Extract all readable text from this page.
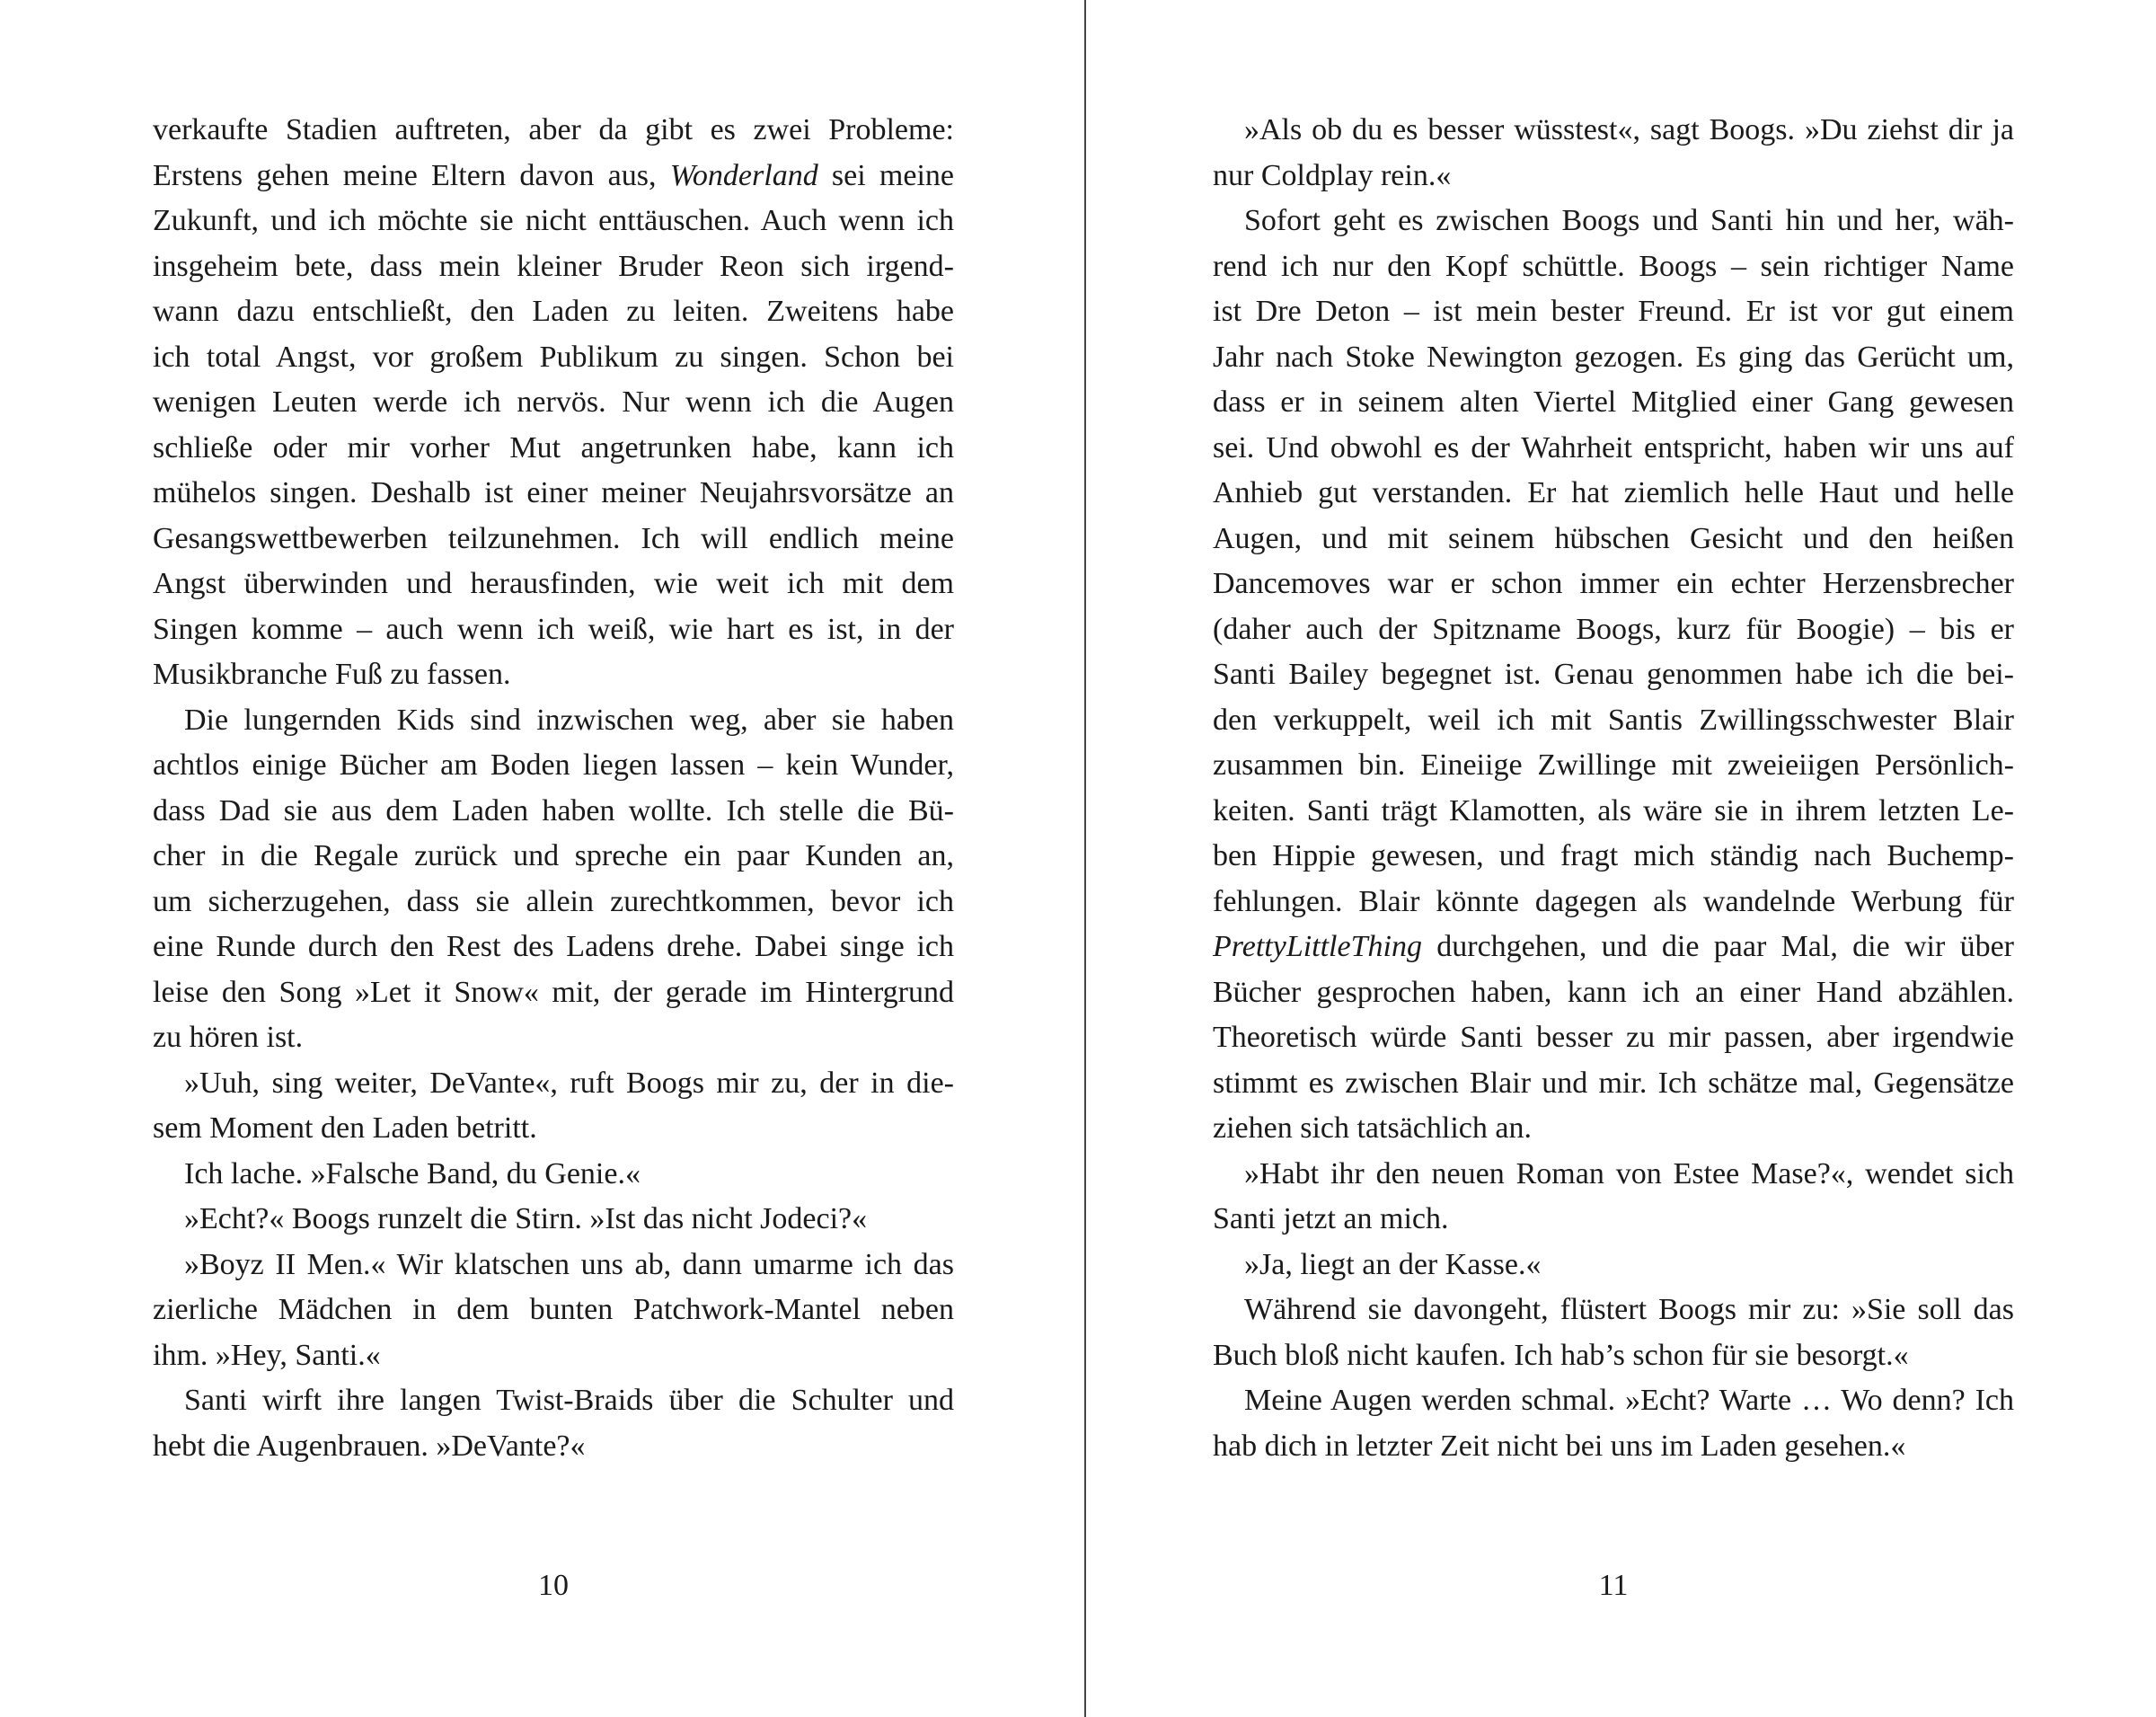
verkaufte Stadien auftreten, aber da gibt es zwei Probleme:
Erstens gehen meine Eltern davon aus, Wonderland sei meine
Zukunft, und ich möchte sie nicht enttäuschen. Auch wenn ich
insgeheim bete, dass mein kleiner Bruder Reon sich irgend-
wann dazu entschließt, den Laden zu leiten. Zweitens habe
ich total Angst, vor großem Publikum zu singen. Schon bei
wenigen Leuten werde ich nervös. Nur wenn ich die Augen
schließe oder mir vorher Mut angetrunken habe, kann ich
mühelos singen. Deshalb ist einer meiner Neujahrsvorsätze an
Gesangswettbewerben teilzunehmen. Ich will endlich meine
Angst überwinden und herausfinden, wie weit ich mit dem
Singen komme – auch wenn ich weiß, wie hart es ist, in der
Musikbranche Fuß zu fassen.
Die lungernden Kids sind inzwischen weg, aber sie haben
achtlos einige Bücher am Boden liegen lassen – kein Wunder,
dass Dad sie aus dem Laden haben wollte. Ich stelle die Bü-
cher in die Regale zurück und spreche ein paar Kunden an,
um sicherzugehen, dass sie allein zurechtkommen, bevor ich
eine Runde durch den Rest des Ladens drehe. Dabei singe ich
leise den Song »Let it Snow« mit, der gerade im Hintergrund
zu hören ist.
»Uuh, sing weiter, DeVante«, ruft Boogs mir zu, der in die-
sem Moment den Laden betritt.
Ich lache. »Falsche Band, du Genie.«
»Echt?« Boogs runzelt die Stirn. »Ist das nicht Jodeci?«
»Boyz II Men.« Wir klatschen uns ab, dann umarme ich das
zierliche Mädchen in dem bunten Patchwork-Mantel neben
ihm. »Hey, Santi.«
Santi wirft ihre langen Twist-Braids über die Schulter und
hebt die Augenbrauen. »DeVante?«
10
»Als ob du es besser wüsstest«, sagt Boogs. »Du ziehst dir ja
nur Coldplay rein.«
Sofort geht es zwischen Boogs und Santi hin und her, wäh-
rend ich nur den Kopf schüttle. Boogs – sein richtiger Name
ist Dre Deton – ist mein bester Freund. Er ist vor gut einem
Jahr nach Stoke Newington gezogen. Es ging das Gerücht um,
dass er in seinem alten Viertel Mitglied einer Gang gewesen
sei. Und obwohl es der Wahrheit entspricht, haben wir uns auf
Anhieb gut verstanden. Er hat ziemlich helle Haut und helle
Augen, und mit seinem hübschen Gesicht und den heißen
Dancemoves war er schon immer ein echter Herzensbrecher
(daher auch der Spitzname Boogs, kurz für Boogie) – bis er
Santi Bailey begegnet ist. Genau genommen habe ich die bei-
den verkuppelt, weil ich mit Santis Zwillingsschwester Blair
zusammen bin. Eineiige Zwillinge mit zweieiigen Persönlich-
keiten. Santi trägt Klamotten, als wäre sie in ihrem letzten Le-
ben Hippie gewesen, und fragt mich ständig nach Buchemp-
fehlungen. Blair könnte dagegen als wandelnde Werbung für
PrettyLittleThing durchgehen, und die paar Mal, die wir über
Bücher gesprochen haben, kann ich an einer Hand abzählen.
Theoretisch würde Santi besser zu mir passen, aber irgendwie
stimmt es zwischen Blair und mir. Ich schätze mal, Gegensätze
ziehen sich tatsächlich an.
»Habt ihr den neuen Roman von Estee Mase?«, wendet sich
Santi jetzt an mich.
»Ja, liegt an der Kasse.«
Während sie davongeht, flüstert Boogs mir zu: »Sie soll das
Buch bloß nicht kaufen. Ich hab’s schon für sie besorgt.«
Meine Augen werden schmal. »Echt? Warte … Wo denn? Ich
hab dich in letzter Zeit nicht bei uns im Laden gesehen.«
11
